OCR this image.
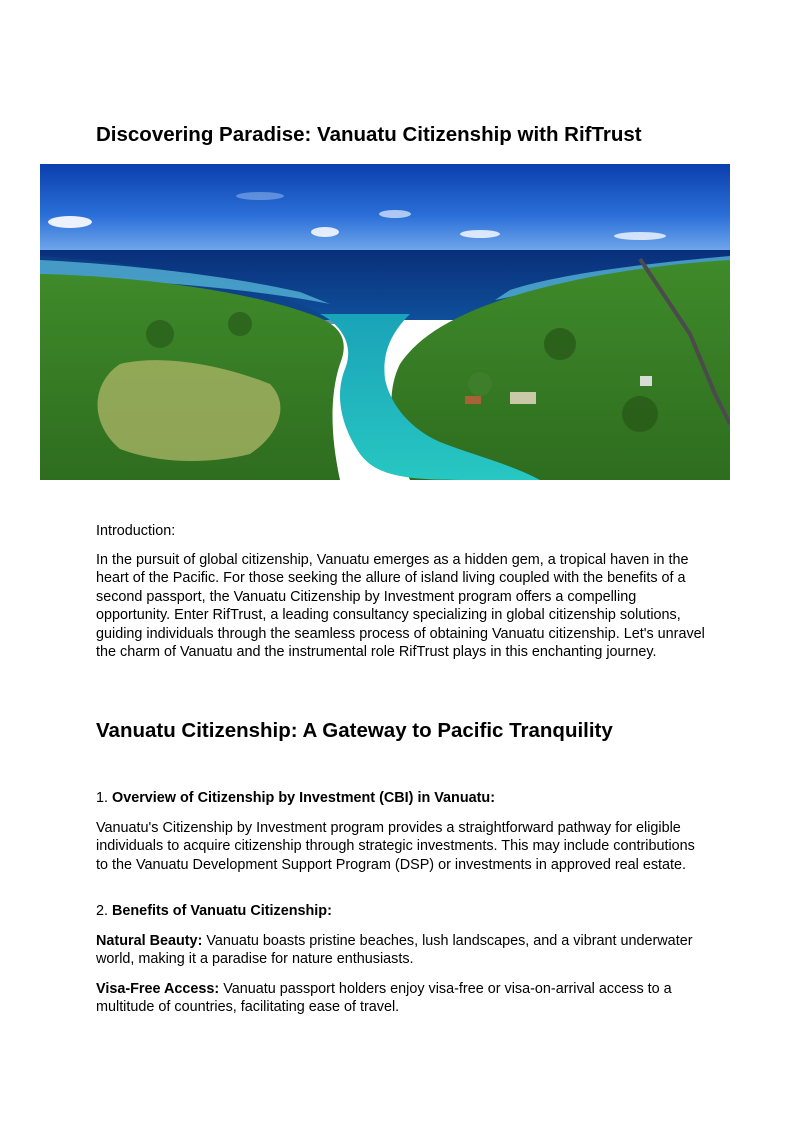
Discovering Paradise: Vanuatu Citizenship with RifTrust

Introduction:

In the pursuit of global citizenship, Vanuatu emerges as a hidden gem, a tropical haven in the heart of the Pacific. For those seeking the allure of island living coupled with the benefits of a second passport, the Vanuatu Citizenship by Investment program offers a compelling opportunity. Enter RifTrust, a leading consultancy specializing in global citizenship solutions, guiding individuals through the seamless process of obtaining Vanuatu citizenship. Let's unravel the charm of Vanuatu and the instrumental role RifTrust plays in this enchanting journey.

Vanuatu Citizenship: A Gateway to Pacific Tranquility

1. Overview of Citizenship by Investment (CBI) in Vanuatu:

Vanuatu's Citizenship by Investment program provides a straightforward pathway for eligible individuals to acquire citizenship through strategic investments. This may include contributions to the Vanuatu Development Support Program (DSP) or investments in approved real estate.

2. Benefits of Vanuatu Citizenship:

Natural Beauty: Vanuatu boasts pristine beaches, lush landscapes, and a vibrant underwater world, making it a paradise for nature enthusiasts.

Visa-Free Access: Vanuatu passport holders enjoy visa-free or visa-on-arrival access to a multitude of countries, facilitating ease of travel.
